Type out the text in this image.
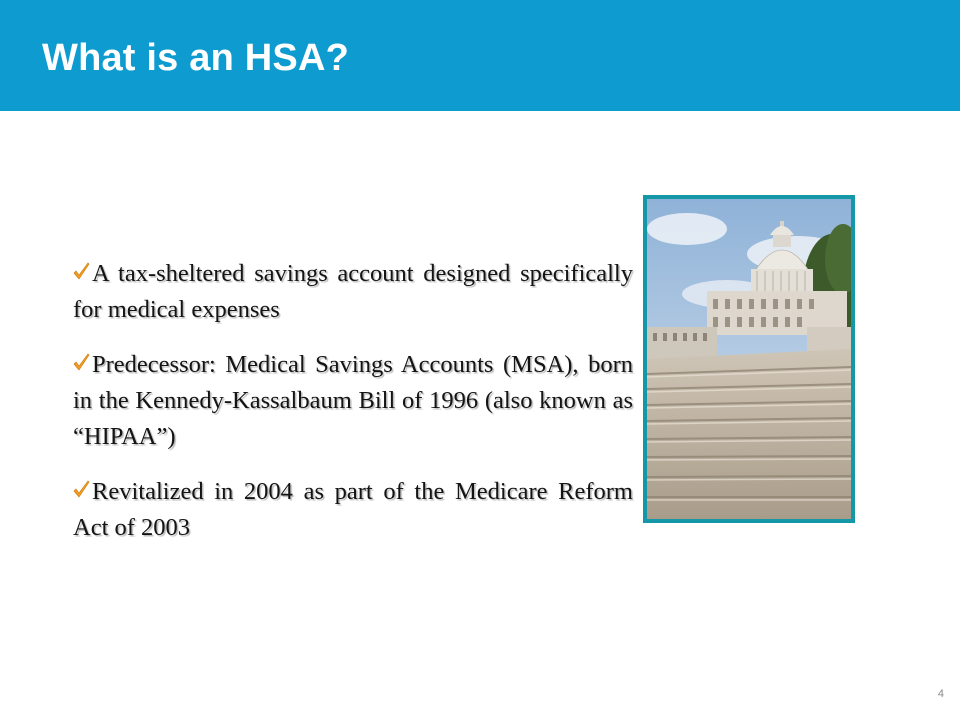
What is an HSA?
A tax-sheltered savings account designed specifically for medical expenses
Predecessor: Medical Savings Accounts (MSA), born in the Kennedy-Kassalbaum Bill of 1996 (also known as “HIPAA”)
Revitalized in 2004 as part of the Medicare Reform Act of 2003
4
